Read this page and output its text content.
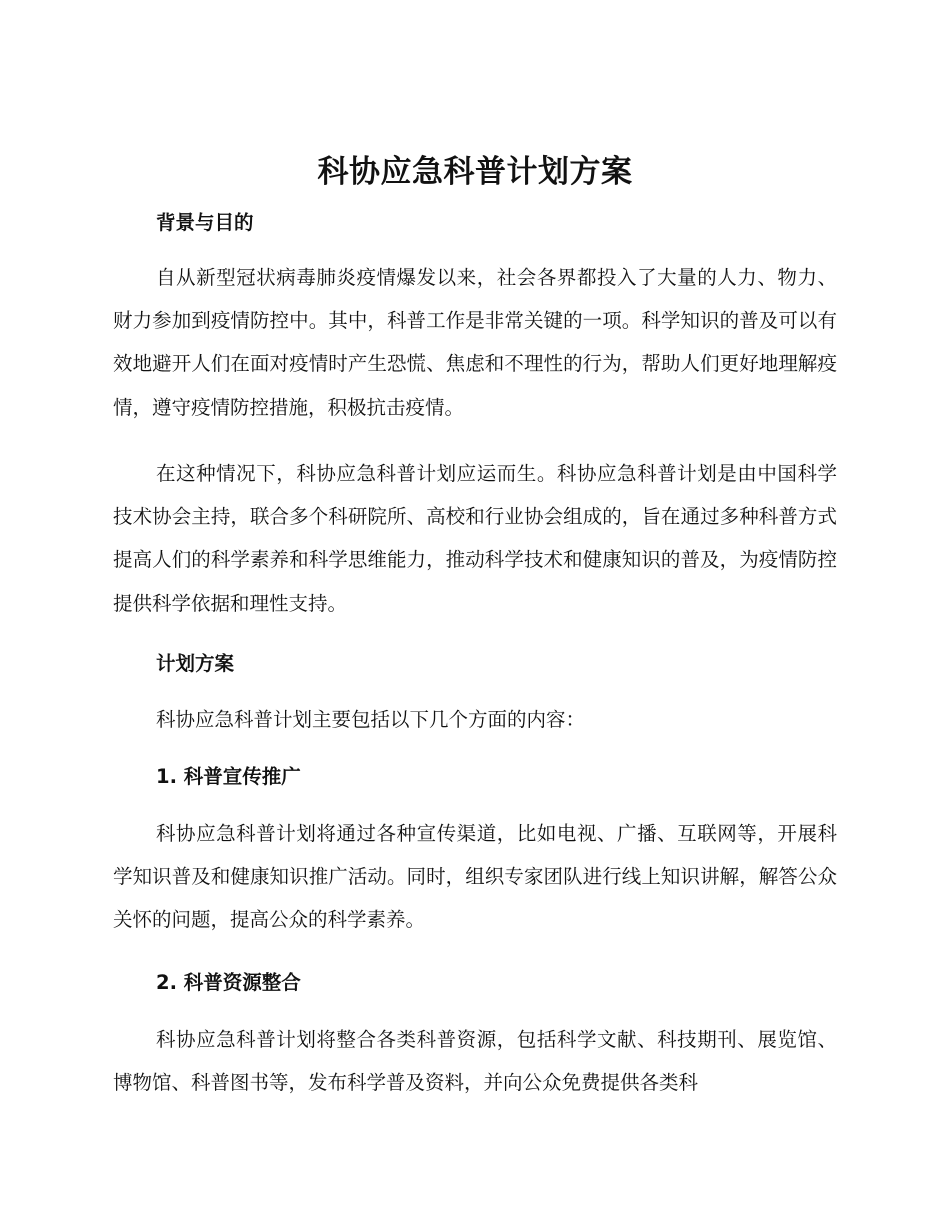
科协应急科普计划方案
背景与目的

自从新型冠状病毒肺炎疫情爆发以来，社会各界都投入了大量的人力、物力、财力参加到疫情防控中。其中，科普工作是非常关键的一项。科学知识的普及可以有效地避开人们在面对疫情时产生恐慌、焦虑和不理性的行为，帮助人们更好地理解疫情，遵守疫情防控措施，积极抗击疫情。

在这种情况下，科协应急科普计划应运而生。科协应急科普计划是由中国科学技术协会主持，联合多个科研院所、高校和行业协会组成的，旨在通过多种科普方式提高人们的科学素养和科学思维能力，推动科学技术和健康知识的普及，为疫情防控提供科学依据和理性支持。

计划方案

科协应急科普计划主要包括以下几个方面的内容：

1. 科普宣传推广

科协应急科普计划将通过各种宣传渠道，比如电视、广播、互联网等，开展科学知识普及和健康知识推广活动。同时，组织专家团队进行线上知识讲解，解答公众关怀的问题，提高公众的科学素养。

2. 科普资源整合

科协应急科普计划将整合各类科普资源，包括科学文献、科技期刊、展览馆、博物馆、科普图书等，发布科学普及资料，并向公众免费提供各类科
